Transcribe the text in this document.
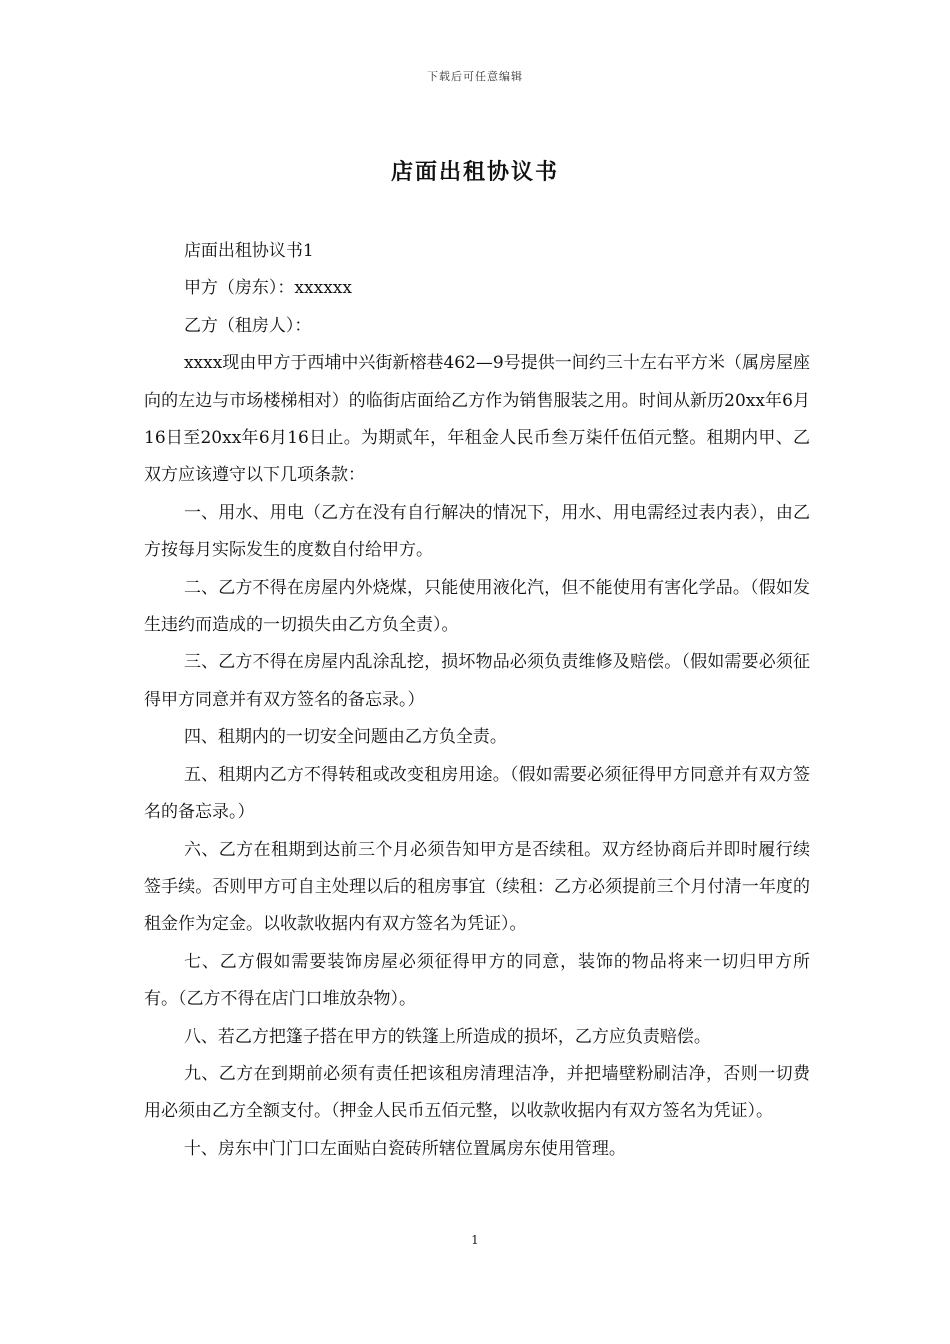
下载后可任意编辑
店面出租协议书

店面出租协议书1

甲方（房东）：xxxxxx

乙方（租房人）：

xxxx现由甲方于西埔中兴街新榕巷462—9号提供一间约三十左右平方米（属房屋座向的左边与市场楼梯相对）的临街店面给乙方作为销售服装之用。时间从新历20xx年6月16日至20xx年6月16日止。为期贰年，年租金人民币叁万柒仟伍佰元整。租期内甲、乙双方应该遵守以下几项条款：

一、用水、用电（乙方在没有自行解决的情况下，用水、用电需经过表内表），由乙方按每月实际发生的度数自付给甲方。

二、乙方不得在房屋内外烧煤，只能使用液化汽，但不能使用有害化学品。（假如发生违约而造成的一切损失由乙方负全责）。

三、乙方不得在房屋内乱涂乱挖，损坏物品必须负责维修及赔偿。（假如需要必须征得甲方同意并有双方签名的备忘录。）

四、租期内的一切安全问题由乙方负全责。

五、租期内乙方不得转租或改变租房用途。（假如需要必须征得甲方同意并有双方签名的备忘录。）

六、乙方在租期到达前三个月必须告知甲方是否续租。双方经协商后并即时履行续签手续。否则甲方可自主处理以后的租房事宜（续租：乙方必须提前三个月付清一年度的租金作为定金。以收款收据内有双方签名为凭证）。

七、乙方假如需要装饰房屋必须征得甲方的同意，装饰的物品将来一切归甲方所有。（乙方不得在店门口堆放杂物）。

八、若乙方把篷子搭在甲方的铁篷上所造成的损坏，乙方应负责赔偿。

九、乙方在到期前必须有责任把该租房清理洁净，并把墙壁粉刷洁净，否则一切费用必须由乙方全额支付。（押金人民币五佰元整，以收款收据内有双方签名为凭证）。

十、房东中门门口左面贴白瓷砖所辖位置属房东使用管理。

1
